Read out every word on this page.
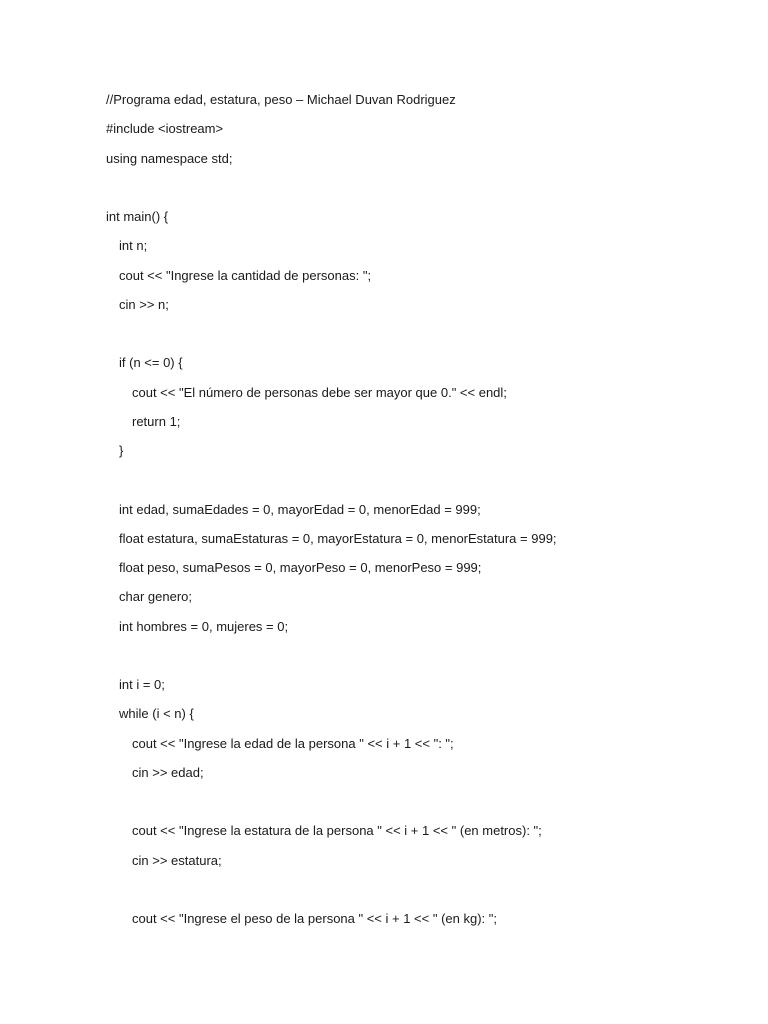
//Programa edad, estatura, peso – Michael Duvan Rodriguez
#include <iostream>
using namespace std;
int main() {
int n;
cout << "Ingrese la cantidad de personas: ";
cin >> n;
if (n <= 0) {
cout << "El número de personas debe ser mayor que 0." << endl;
return 1;
}
int edad, sumaEdades = 0, mayorEdad = 0, menorEdad = 999;
float estatura, sumaEstaturas = 0, mayorEstatura = 0, menorEstatura = 999;
float peso, sumaPesos = 0, mayorPeso = 0, menorPeso = 999;
char genero;
int hombres = 0, mujeres = 0;
int i = 0;
while (i < n) {
cout << "Ingrese la edad de la persona " << i + 1 << ": ";
cin >> edad;
cout << "Ingrese la estatura de la persona " << i + 1 << " (en metros): ";
cin >> estatura;
cout << "Ingrese el peso de la persona " << i + 1 << " (en kg): ";
